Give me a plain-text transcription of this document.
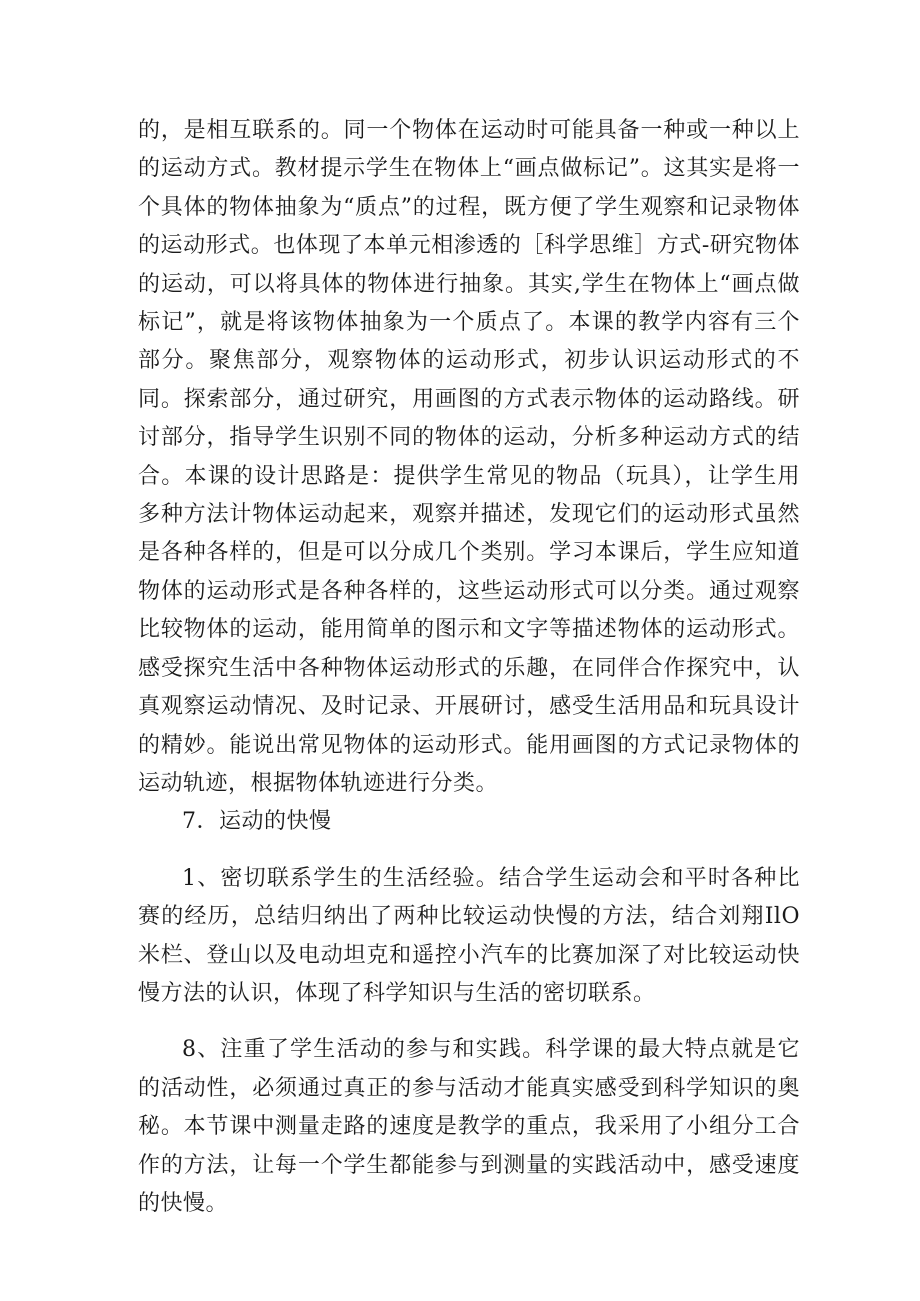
的，是相互联系的。同一个物体在运动时可能具备一种或一种以上的运动方式。教材提示学生在物体上“画点做标记”。这其实是将一个具体的物体抽象为“质点”的过程，既方便了学生观察和记录物体的运动形式。也体现了本单元相渗透的［科学思维］方式-研究物体的运动，可以将具体的物体进行抽象。其实,学生在物体上“画点做标记”，就是将该物体抽象为一个质点了。本课的教学内容有三个部分。聚焦部分，观察物体的运动形式，初步认识运动形式的不同。探索部分，通过研究，用画图的方式表示物体的运动路线。研讨部分，指导学生识别不同的物体的运动，分析多种运动方式的结合。本课的设计思路是：提供学生常见的物品（玩具），让学生用多种方法计物体运动起来，观察并描述，发现它们的运动形式虽然是各种各样的，但是可以分成几个类别。学习本课后，学生应知道物体的运动形式是各种各样的，这些运动形式可以分类。通过观察比较物体的运动，能用简单的图示和文字等描述物体的运动形式。感受探究生活中各种物体运动形式的乐趣，在同伴合作探究中，认真观察运动情况、及时记录、开展研讨，感受生活用品和玩具设计的精妙。能说出常见物体的运动形式。能用画图的方式记录物体的运动轨迹，根据物体轨迹进行分类。

7．运动的快慢

1、密切联系学生的生活经验。结合学生运动会和平时各种比赛的经历，总结归纳出了两种比较运动快慢的方法，结合刘翔IlO米栏、登山以及电动坦克和遥控小汽车的比赛加深了对比较运动快慢方法的认识，体现了科学知识与生活的密切联系。

8、注重了学生活动的参与和实践。科学课的最大特点就是它的活动性，必须通过真正的参与活动才能真实感受到科学知识的奥秘。本节课中测量走路的速度是教学的重点，我采用了小组分工合作的方法，让每一个学生都能参与到测量的实践活动中，感受速度的快慢。
